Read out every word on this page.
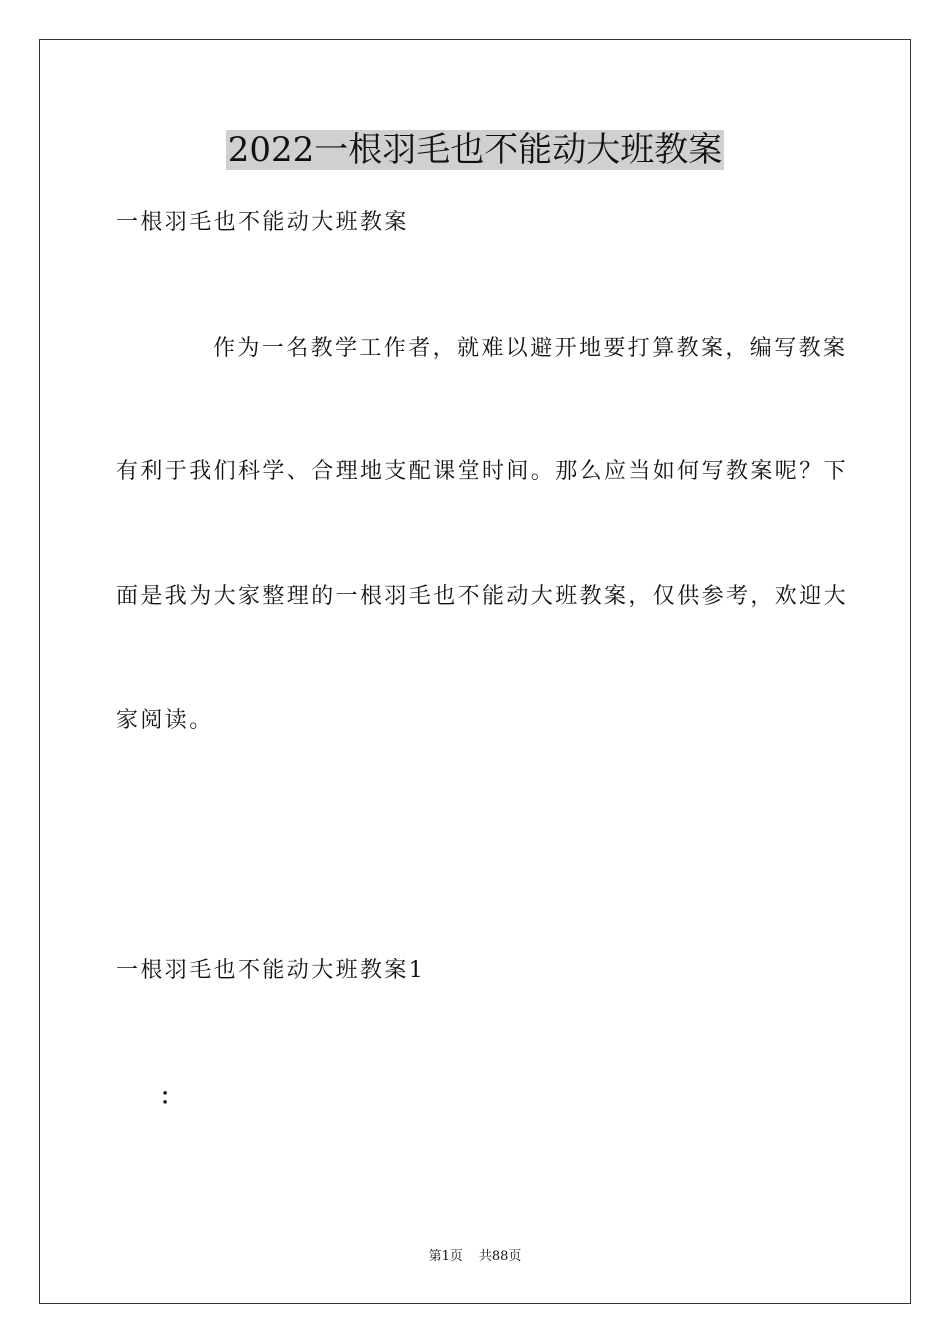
2022一根羽毛也不能动大班教案
一根羽毛也不能动大班教案
作为一名教学工作者，就难以避开地要打算教案，编写教案
有利于我们科学、合理地支配课堂时间。那么应当如何写教案呢？下
面是我为大家整理的一根羽毛也不能动大班教案，仅供参考，欢迎大
家阅读。
一根羽毛也不能动大班教案1
：
第1页 共88页
